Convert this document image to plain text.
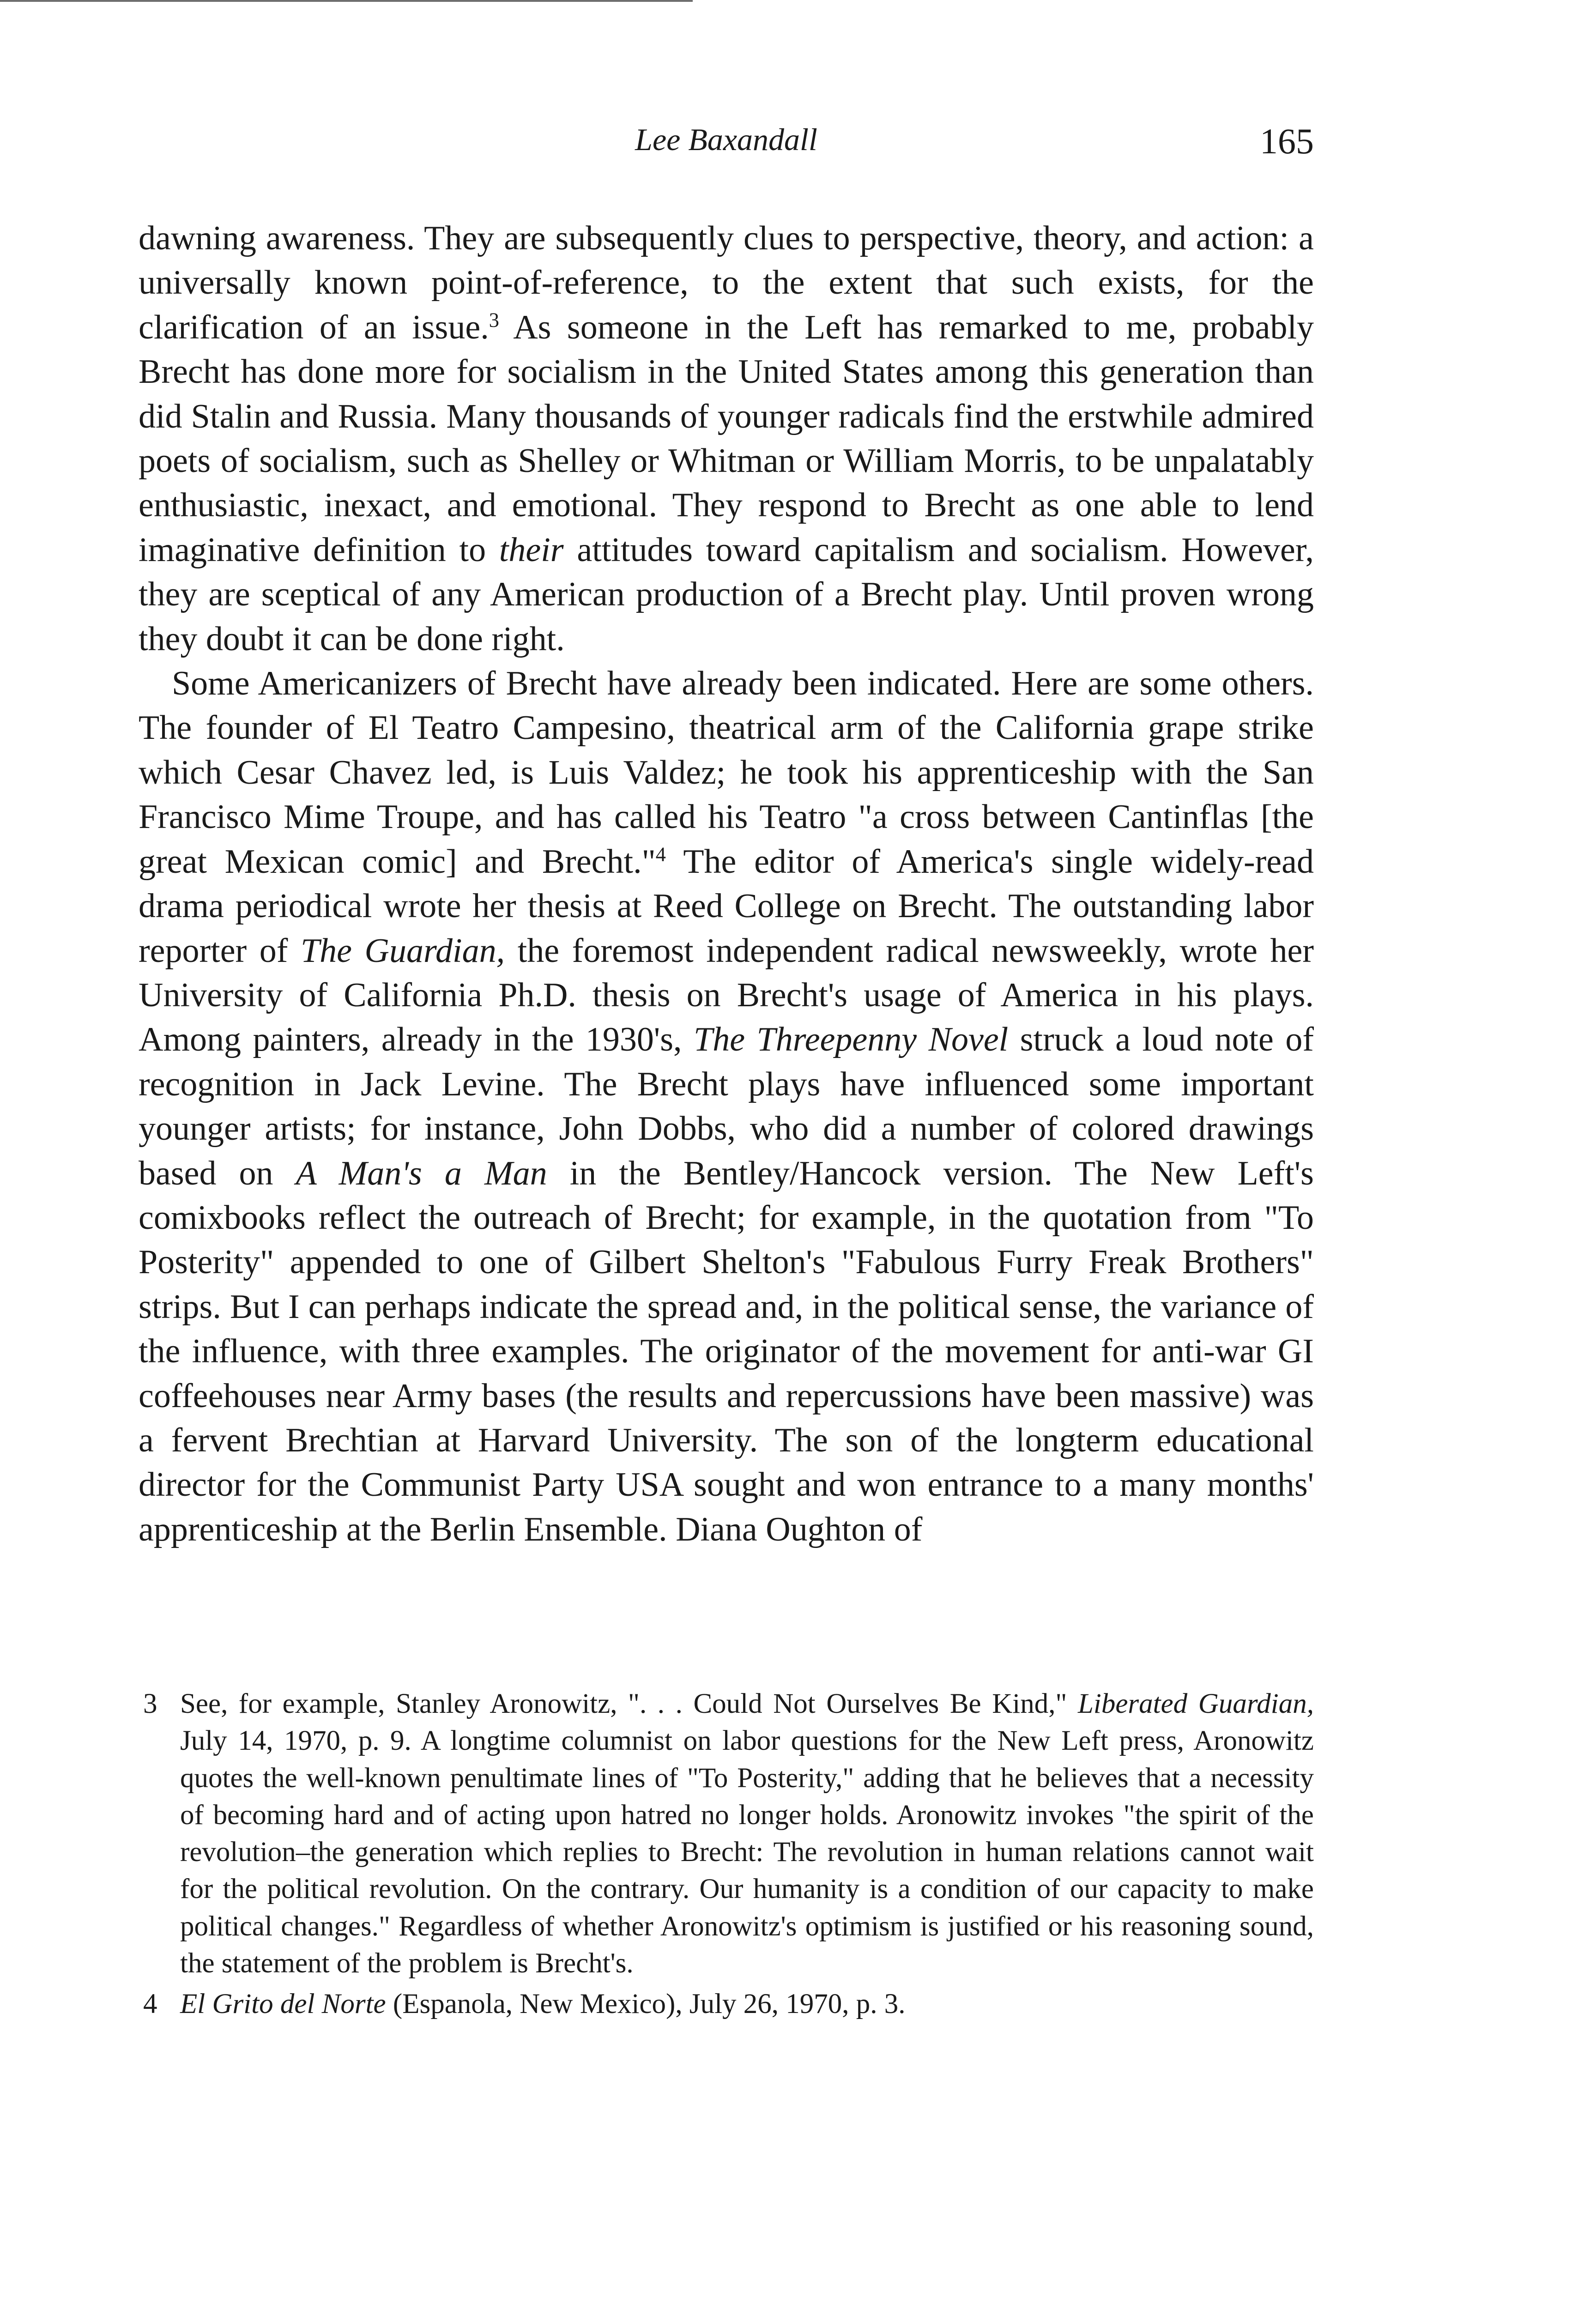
Lee Baxandall	165

dawning awareness. They are subsequently clues to perspective, theory, and action: a universally known point-of-reference, to the extent that such exists, for the clarification of an issue.$^3$ As someone in the Left has remarked to me, probably Brecht has done more for socialism in the United States among this generation than did Stalin and Russia. Many thousands of younger radicals find the erstwhile admired poets of socialism, such as Shelley or Whitman or William Morris, to be unpalatably enthusiastic, inexact, and emotional. They respond to Brecht as one able to lend imaginative definition to their attitudes toward capitalism and socialism. However, they are sceptical of any American production of a Brecht play. Until proven wrong they doubt it can be done right.

Some Americanizers of Brecht have already been indicated. Here are some others. The founder of El Teatro Campesino, theatrical arm of the California grape strike which Cesar Chavez led, is Luis Valdez; he took his apprenticeship with the San Francisco Mime Troupe, and has called his Teatro "a cross between Cantinflas [the great Mexican comic] and Brecht."$^4$ The editor of America's single widely-read drama periodical wrote her thesis at Reed College on Brecht. The outstanding labor reporter of The Guardian, the foremost independent radical newsweekly, wrote her University of California Ph.D. thesis on Brecht's usage of America in his plays. Among painters, already in the 1930's, The Threepenny Novel struck a loud note of recognition in Jack Levine. The Brecht plays have influenced some important younger artists; for instance, John Dobbs, who did a number of colored drawings based on A Man's a Man in the Bentley/Hancock version. The New Left's comixbooks reflect the outreach of Brecht; for example, in the quotation from "To Posterity" appended to one of Gilbert Shelton's "Fabulous Furry Freak Brothers" strips. But I can perhaps indicate the spread and, in the political sense, the variance of the influence, with three examples. The originator of the movement for anti-war GI coffeehouses near Army bases (the results and repercussions have been massive) was a fervent Brechtian at Harvard University. The son of the longterm educational director for the Communist Party USA sought and won entrance to a many months' apprenticeship at the Berlin Ensemble. Diana Oughton of

3 See, for example, Stanley Aronowitz, ". . . Could Not Ourselves Be Kind," Liberated Guardian, July 14, 1970, p. 9. A longtime columnist on labor questions for the New Left press, Aronowitz quotes the well-known penultimate lines of "To Posterity," adding that he believes that a necessity of becoming hard and of acting upon hatred no longer holds. Aronowitz invokes "the spirit of the revolution–the generation which replies to Brecht: The revolution in human relations cannot wait for the political revolution. On the contrary. Our humanity is a condition of our capacity to make political changes." Regardless of whether Aronowitz's optimism is justified or his reasoning sound, the statement of the problem is Brecht's.
4 El Grito del Norte (Espanola, New Mexico), July 26, 1970, p. 3.
